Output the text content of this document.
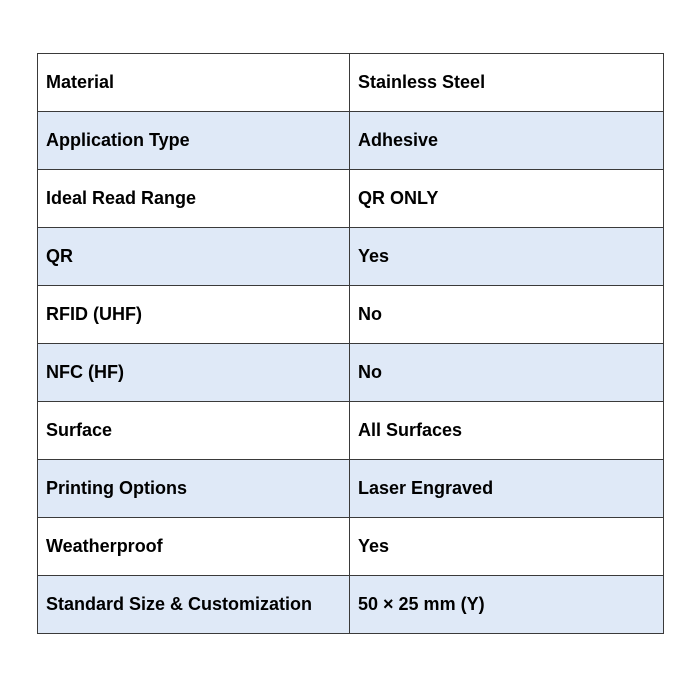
Material	Stainless Steel
Application Type	Adhesive
Ideal Read Range	QR ONLY
QR	Yes
RFID (UHF)	No
NFC (HF)	No
Surface	All Surfaces
Printing Options	Laser Engraved
Weatherproof	Yes
Standard Size & Customization	50 × 25 mm (Y)
